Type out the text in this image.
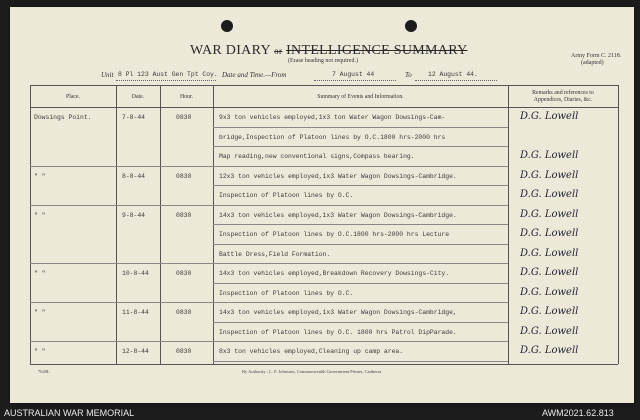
WAR DIARY or INTELLIGENCE SUMMARY
(Erase heading not required.)
Army Form C. 2118.
(adapted)
Unit 8 Pl 123 Aust Gen Tpt Coy. Date and Time.—From	7 August 44	To	12 August 44.
Place.	Date.	Hour.	Summary of Events and Information.
Remarks and references to
Appendices, Diaries, &c.
Dowsings Point.	7-8-44	0830	9x3 ton vehicles employed,1x3 ton Water Wagon Dowsings-Cam-	D.G. Lowell
bridge,Inspection of Platoon lines by O.C.1800 hrs-2000 hrs
Map reading,new conventional signs,Compass bearing.	D.G. Lowell
" "	8-8-44	0830	12x3 ton vehicles employed,1x3 Water Wagon Dowsings-Cambridge.	D.G. Lowell
Inspection of Platoon lines by O.C.	D.G. Lowell
" "	9-8-44	0830	14x3 ton vehicles employed,1x3 Water Wagon Dowsings-Cambridge.	D.G. Lowell
Inspection of Platoon lines by O.C.1800 hrs-2000 hrs Lecture	D.G. Lowell
Battle Dress,Field Formation.	D.G. Lowell
" "	10-8-44	0830	14x3 ton vehicles employed,Breakdown Recovery Dowsings-City.	D.G. Lowell
Inspection of Platoon lines by O.C.	D.G. Lowell
" "	11-8-44	0830	14x3 ton vehicles employed,1x3 Water Wagon Dowsings-Cambridge,	D.G. Lowell
Inspection of Platoon lines by O.C. 1800 hrs Patrol DipParade.	D.G. Lowell
" "	12-8-44	0830	8x3 ton vehicles employed,Cleaning up camp area.	D.G. Lowell
7620L	By Authority : L. F. Johnston, Commonwealth Government Printer, Canberra.
AUSTRALIAN WAR MEMORIAL	AWM2021.62.813
